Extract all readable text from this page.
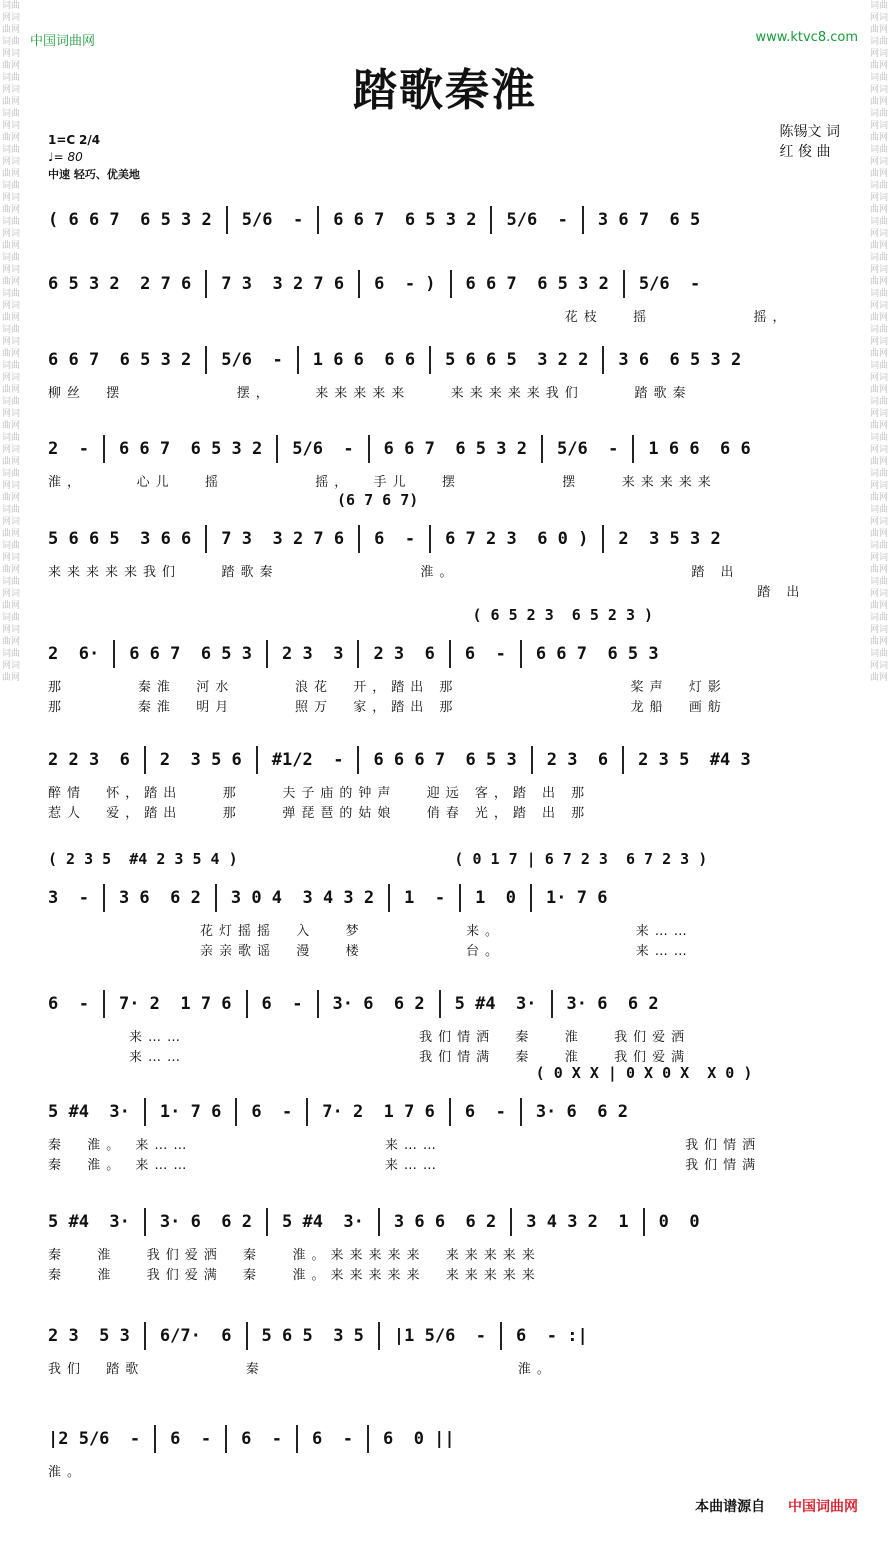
词曲网词曲网词曲网词曲网词曲网词曲网词曲网词曲网词曲网词曲网词曲网词曲网词曲网词曲网词曲网词曲网词曲网词曲网词曲网词曲网词曲网词曲网词曲网词曲网词曲网词曲网词曲网词曲网词曲网词曲网词曲网词曲网词曲网词曲网词曲网词曲网词曲网词曲网
词曲网词曲网词曲网词曲网词曲网词曲网词曲网词曲网词曲网词曲网词曲网词曲网词曲网词曲网词曲网词曲网词曲网词曲网词曲网词曲网词曲网词曲网词曲网词曲网词曲网词曲网词曲网词曲网词曲网词曲网词曲网词曲网词曲网词曲网词曲网词曲网词曲网词曲网
中国词曲网	www.ktvc8.com
踏歌秦淮
陈锡文 词
红 俊 曲
1=C 2/4
♩= 80
中速 轻巧、优美地
( 6 6 7  6 5 3 2 5/6  - 6 6 7  6 5 3 2 5/6  - 3 6 7  6 5
6 5 3 2  2 7 6 7 3  3 2 7 6 6  - ) 6 6 7  6 5 3 2 5/6  -
花枝   摇          摇，
6 6 7  6 5 3 2 5/6  - 1 6 6  6 6 5 6 6 5  3 2 2 3 6  6 5 3 2
柳丝  摆           摆，    来来来来来    来来来来来我们     踏歌秦
2  - 6 6 7  6 5 3 2 5/6  - 6 6 7  6 5 3 2 5/6  - 1 6 6  6 6
淮，     心儿   摇         摇，  手儿   摆          摆    来来来来来
(6 7 6 7)
5 6 6 5  3 6 6 7 3  3 2 7 6 6  - 6 7 2 3  6 0 ) 2  3 5 3 2
来来来来来我们    踏歌秦              淮。                       踏 出
踏 出
( 6 5 2 3  6 5 2 3 )
2  6· 6 6 7  6 5 3 2 3  3 2 3  6 6  - 6 6 7  6 5 3
那       秦淮  河水      浪花  开，踏出 那                 桨声  灯影
那       秦淮  明月      照万  家，踏出 那                 龙船  画舫
2 2 3  6 2  3 5 6 #1/2  - 6 6 6 7  6 5 3 2 3  6 2 3 5  #4 3
醉情  怀，踏出    那    夫子庙的钟声   迎远 客，踏 出 那
惹人  爱，踏出    那    弹琵琶的姑娘   俏春 光，踏 出 那
( 2 3 5  #4 2 3 5 4 )                        ( 0 1 7 | 6 7 2 3  6 7 2 3 )
3  - 3 6  6 2 3 0 4  3 4 3 2 1  - 1  0 1· 7 6
花灯摇摇  入   梦          来。             来……
亲亲歌谣  漫   楼          台。             来……
6  - 7· 2  1 7 6 6  - 3· 6  6 2 5 #4  3· 3· 6  6 2
来……                       我们情洒  秦   淮   我们爱洒
来……                       我们情满  秦   淮   我们爱满
( 0 X X | 0 X 0 X  X 0 )
5 #4  3· 1· 7 6 6  - 7· 2  1 7 6 6  - 3· 6  6 2
秦  淮。 来……                   来……                        我们情洒
秦  淮。 来……                   来……                        我们情满
5 #4  3· 3· 6  6 2 5 #4  3· 3 6 6  6 2 3 4 3 2  1 0  0
秦   淮   我们爱洒  秦   淮。来来来来来  来来来来来
秦   淮   我们爱满  秦   淮。来来来来来  来来来来来
2 3  5 3 6/7·  6 5 6 5  3 5 |1 5/6  - 6  - :|
我们  踏歌          秦                         淮。
|2 5/6  - 6  - 6  - 6  - 6  0 ||
淮。
本曲谱源自 中国词曲网
